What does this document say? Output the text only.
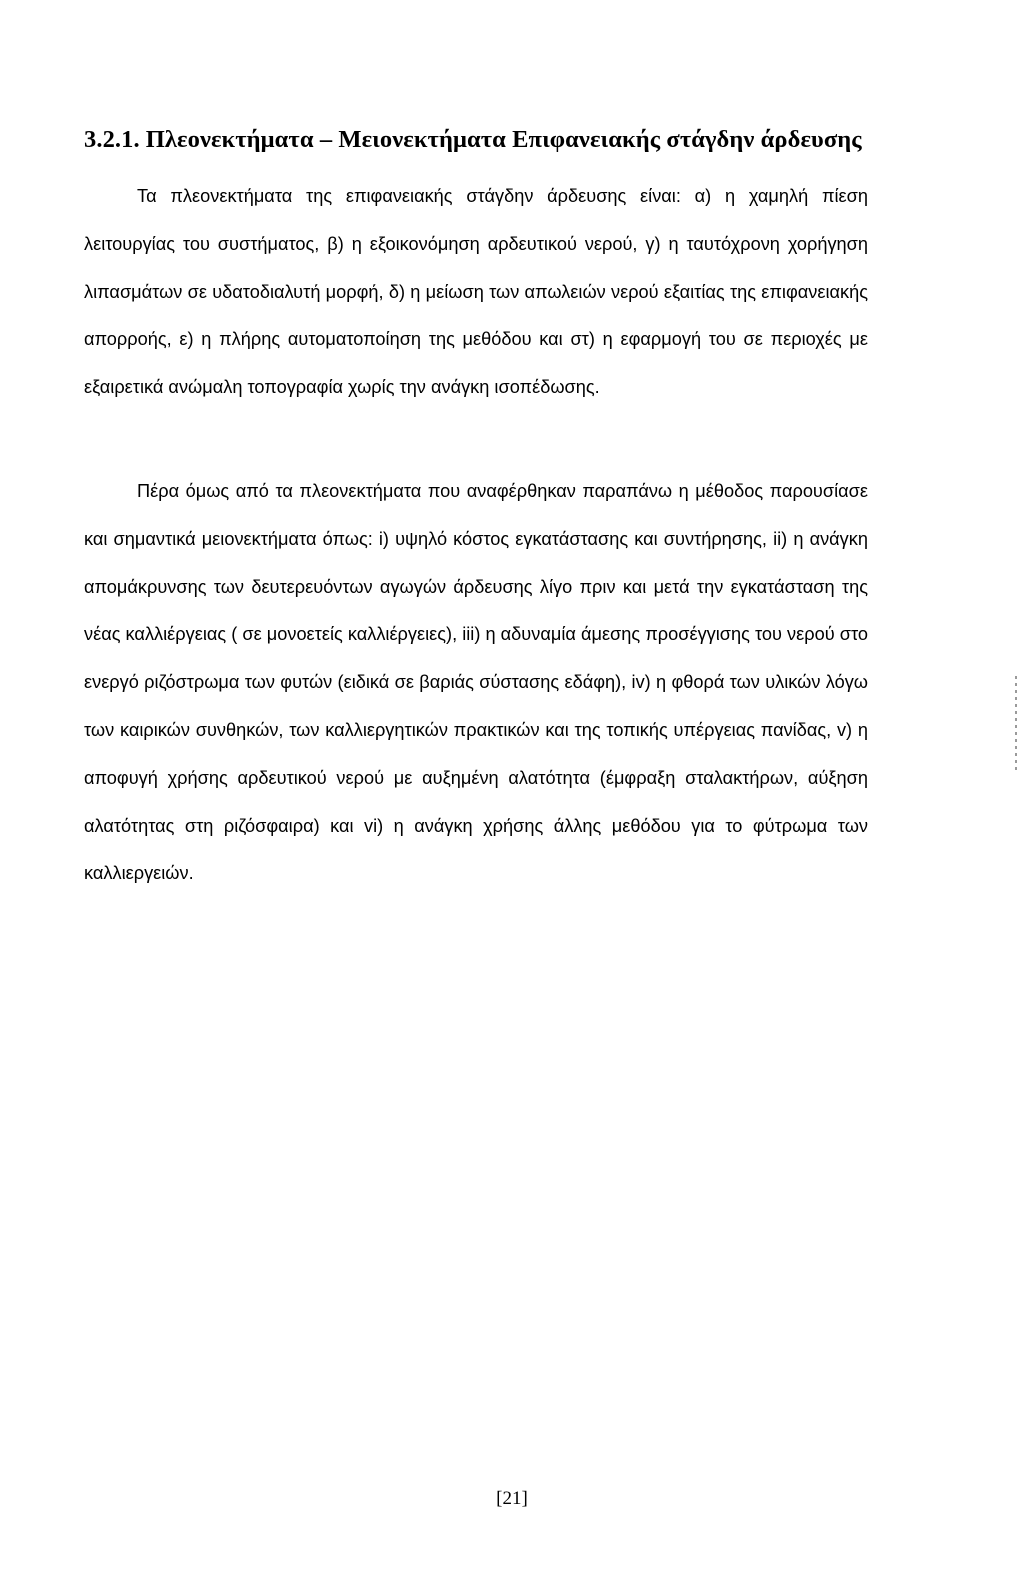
3.2.1. Πλεονεκτήματα – Μειονεκτήματα Επιφανειακής στάγδην άρδευσης

Τα πλεονεκτήματα της επιφανειακής στάγδην άρδευσης είναι: α) η χαμηλή πίεση λειτουργίας του συστήματος, β) η εξοικονόμηση αρδευτικού νερού, γ) η ταυτόχρονη χορήγηση λιπασμάτων σε υδατοδιαλυτή μορφή, δ) η μείωση των απωλειών νερού εξαιτίας της επιφανειακής απορροής, ε) η πλήρης αυτοματοποίηση της μεθόδου και στ) η εφαρμογή του σε περιοχές με εξαιρετικά ανώμαλη τοπογραφία χωρίς την ανάγκη ισοπέδωσης.

Πέρα όμως από τα πλεονεκτήματα που αναφέρθηκαν παραπάνω η μέθοδος παρουσίασε και σημαντικά μειονεκτήματα όπως: i) υψηλό κόστος εγκατάστασης και συντήρησης, ii) η ανάγκη απομάκρυνσης των δευτερευόντων αγωγών άρδευσης λίγο πριν και μετά την εγκατάσταση της νέας καλλιέργειας ( σε μονοετείς καλλιέργειες), iii) η αδυναμία άμεσης προσέγγισης του νερού στο ενεργό ριζόστρωμα των φυτών (ειδικά σε βαριάς σύστασης εδάφη), iv) η φθορά των υλικών λόγω των καιρικών συνθηκών, των καλλιεργητικών πρακτικών και της τοπικής υπέργειας πανίδας, v) η αποφυγή χρήσης αρδευτικού νερού με αυξημένη αλατότητα (έμφραξη σταλακτήρων, αύξηση αλατότητας στη ριζόσφαιρα) και vi) η ανάγκη χρήσης άλλης μεθόδου για το φύτρωμα των καλλιεργειών.

[21]
